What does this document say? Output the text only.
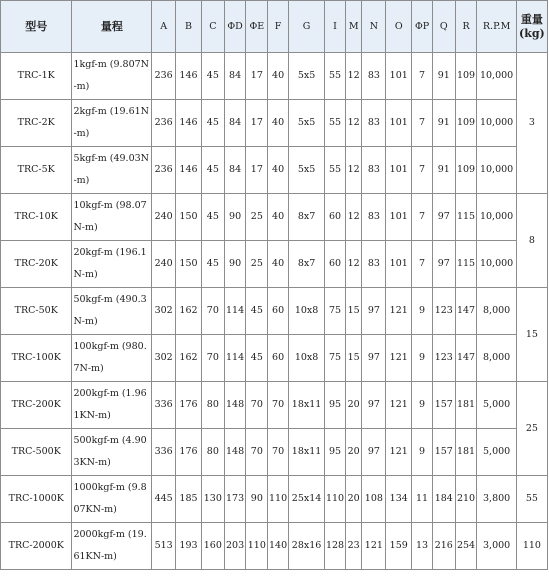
型号	量程	A	B	C	ΦD	ΦE	F	G	I	M	N	O	ΦP	Q	R	R.P.M	重量(kg)
TRC-1K	1kgf-m (9.807N-m)	236	146	45	84	17	40	5x5	55	12	83	101	7	91	109	10,000	3
TRC-2K	2kgf-m (19.61N-m)	236	146	45	84	17	40	5x5	55	12	83	101	7	91	109	10,000	
TRC-5K	5kgf-m (49.03N-m)	236	146	45	84	17	40	5x5	55	12	83	101	7	91	109	10,000	
TRC-10K	10kgf-m (98.07N-m)	240	150	45	90	25	40	8x7	60	12	83	101	7	97	115	10,000	8
TRC-20K	20kgf-m (196.1N-m)	240	150	45	90	25	40	8x7	60	12	83	101	7	97	115	10,000	
TRC-50K	50kgf-m (490.3N-m)	302	162	70	114	45	60	10x8	75	15	97	121	9	123	147	8,000	15
TRC-100K	100kgf-m (980.7N-m)	302	162	70	114	45	60	10x8	75	15	97	121	9	123	147	8,000	
TRC-200K	200kgf-m (1.961KN-m)	336	176	80	148	70	70	18x11	95	20	97	121	9	157	181	5,000	25
TRC-500K	500kgf-m (4.903KN-m)	336	176	80	148	70	70	18x11	95	20	97	121	9	157	181	5,000	
TRC-1000K	1000kgf-m (9.807KN-m)	445	185	130	173	90	110	25x14	110	20	108	134	11	184	210	3,800	55
TRC-2000K	2000kgf-m (19.61KN-m)	513	193	160	203	110	140	28x16	128	23	121	159	13	216	254	3,000	110
